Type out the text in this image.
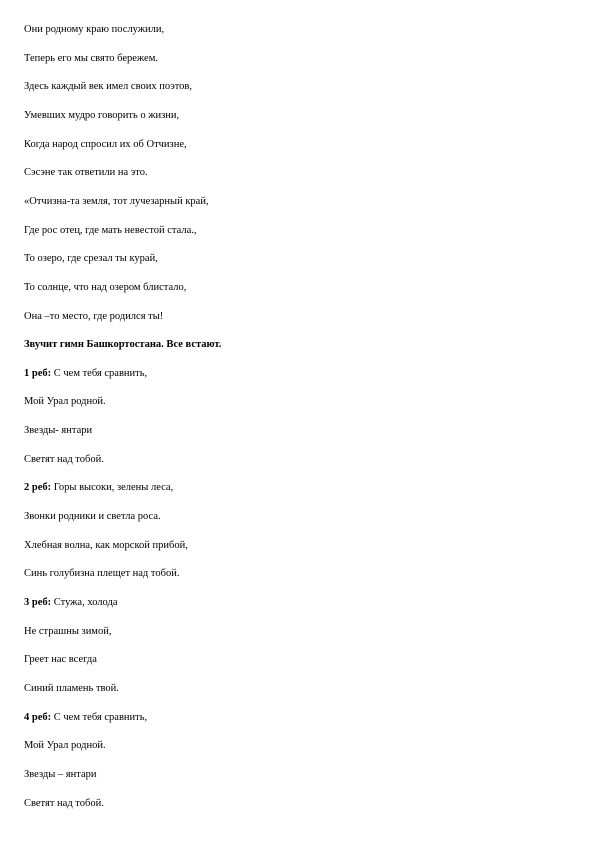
Они родному краю послужили,
Теперь его мы свято бережем.
Здесь каждый век имел своих поэтов,
Умевших мудро говорить о жизни,
Когда народ спросил их об Отчизне,
Сэсэне так ответили на это.
«Отчизна-та земля, тот лучезарный край,
Где рос отец, где мать невестой стала.,
То озеро, где срезал ты курай,
То солнце, что над озером блистало,
Она –то место, где родился ты!
Звучит гимн Башкортостана. Все встают.
1 реб: С чем тебя сравнить,
Мой Урал родной.
Звезды- янтари
Светят над тобой.
2 реб: Горы высоки, зелены леса,
Звонки родники и светла роса.
Хлебная волна, как морской прибой,
Синь голубизна плещет над тобой.
3 реб: Стужа, холода
Не страшны зимой,
Греет нас всегда
Синий пламень твой.
4 реб: С чем тебя сравнить,
Мой Урал родной.
Звезды – янтари
Светят над тобой.
